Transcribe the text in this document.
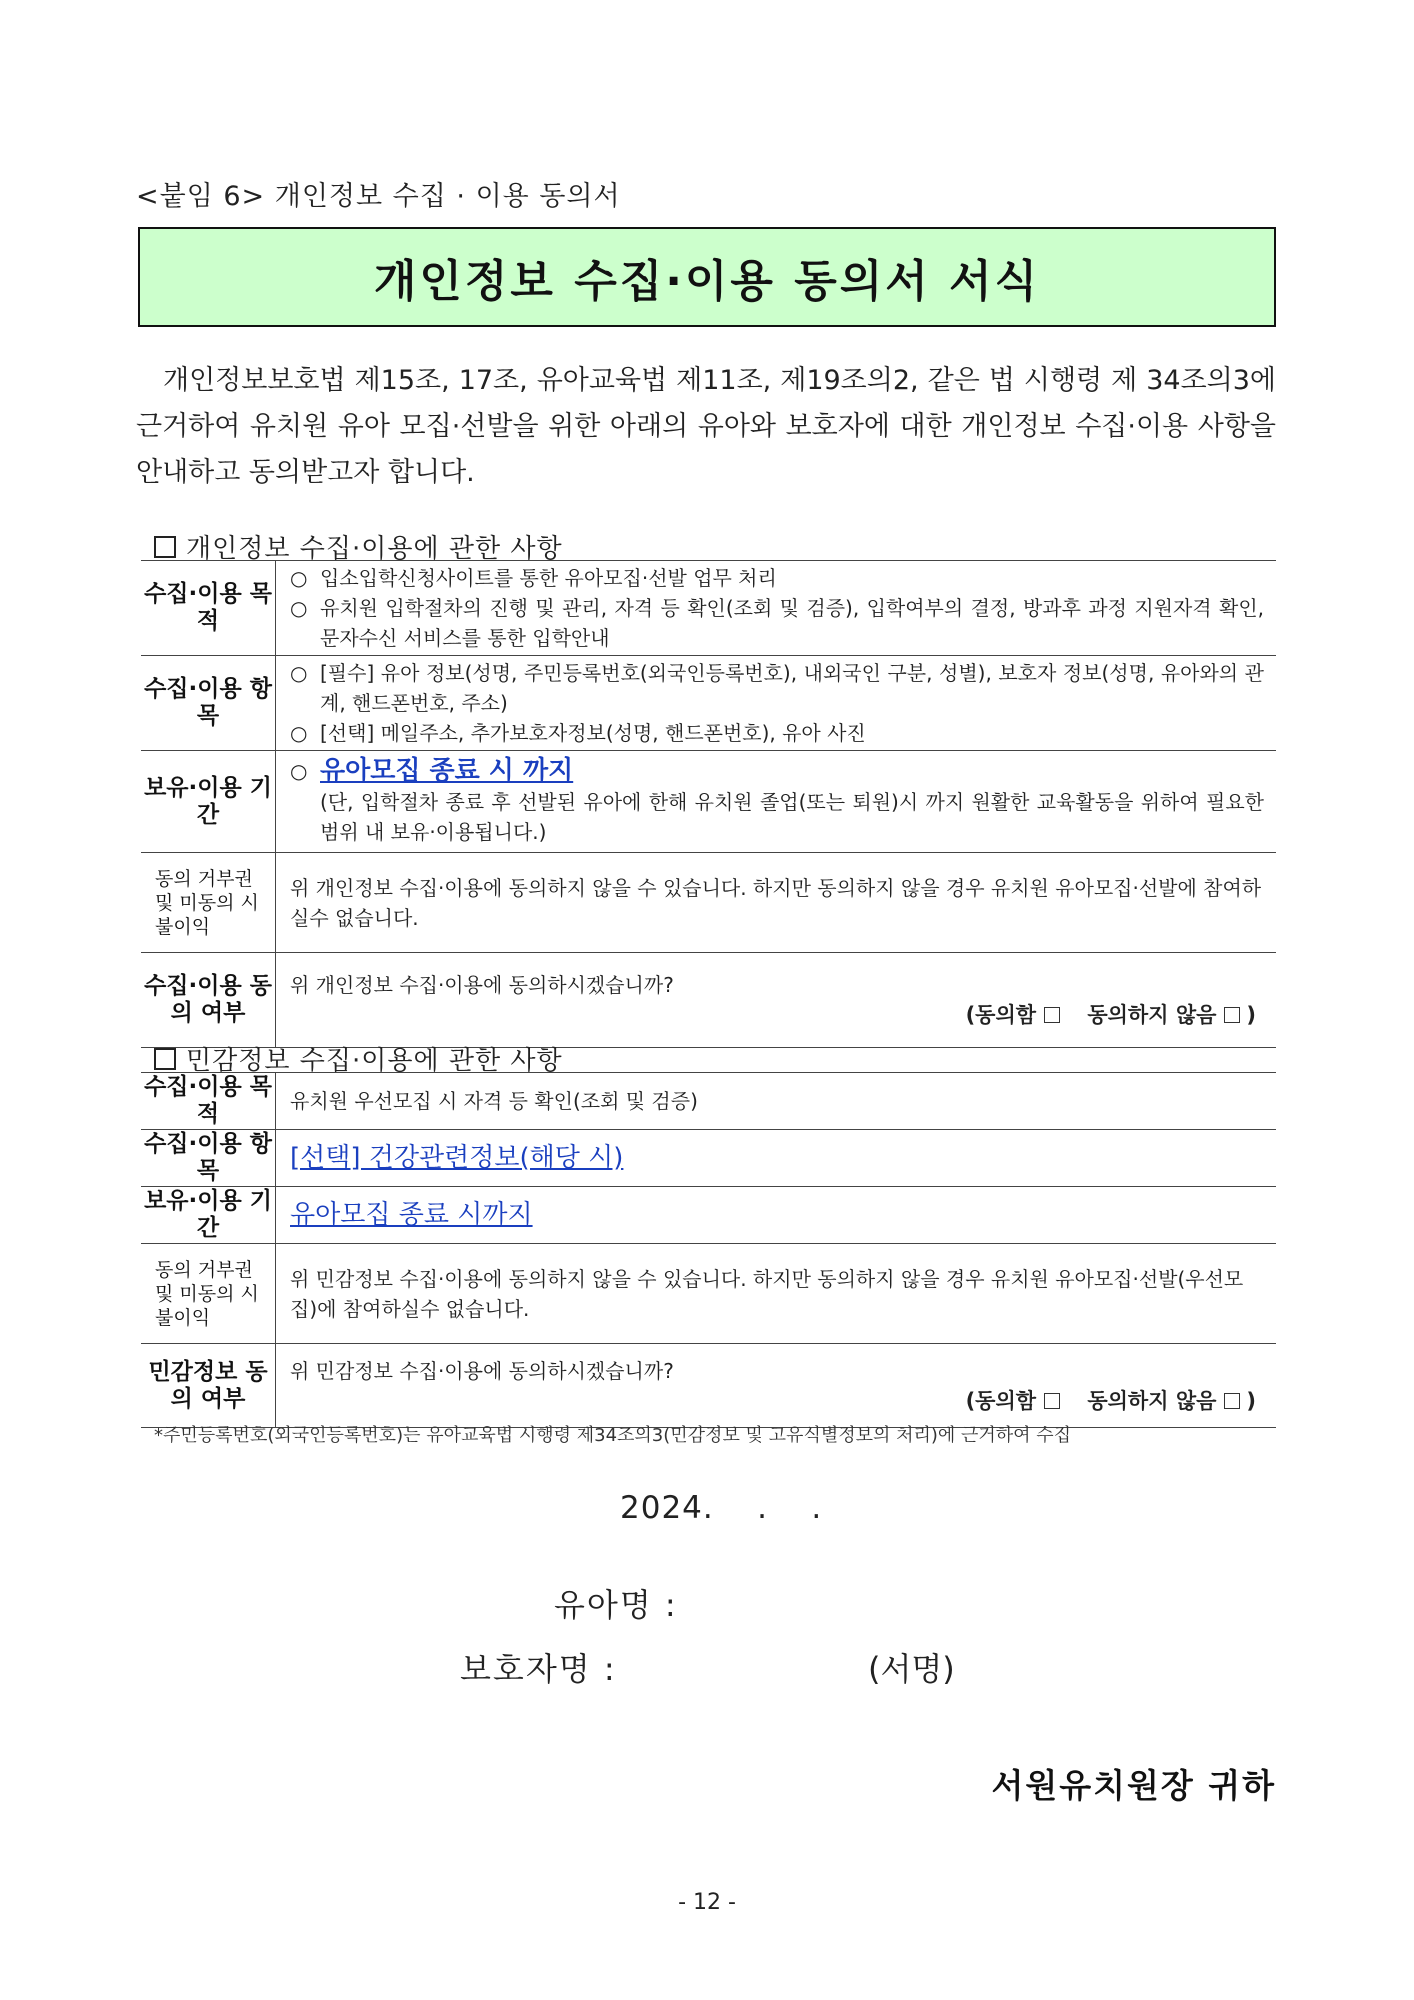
<붙임 6> 개인정보 수집 · 이용 동의서
개인정보 수집·이용 동의서 서식
개인정보보호법 제15조, 17조, 유아교육법 제11조, 제19조의2, 같은 법 시행령 제 34조의3에 근거하여 유치원 유아 모집·선발을 위한 아래의 유아와 보호자에 대한 개인정보 수집·이용 사항을 안내하고 동의받고자 합니다.
개인정보 수집·이용에 관한 사항
수집·이용 목적	○ 입소입학신청사이트를 통한 유아모집·선발 업무 처리
○ 유치원 입학절차의 진행 및 관리, 자격 등 확인(조회 및 검증), 입학여부의 결정, 방과후 과정 지원자격 확인, 문자수신 서비스를 통한 입학안내

수집·이용 항목	○ [필수] 유아 정보(성명, 주민등록번호(외국인등록번호), 내외국인 구분, 성별), 보호자 정보(성명, 유아와의 관계, 핸드폰번호, 주소)
○ [선택] 메일주소, 추가보호자정보(성명, 핸드폰번호), 유아 사진

보유·이용 기간	○ 유아모집 종료 시 까지
(단, 입학절차 종료 후 선발된 유아에 한해 유치원 졸업(또는 퇴원)시 까지 원활한 교육활동을 위하여 필요한 범위 내 보유·이용됩니다.)

동의 거부권 및 미동의 시 불이익	위 개인정보 수집·이용에 동의하지 않을 수 있습니다. 하지만 동의하지 않을 경우 유치원 유아모집·선발에 참여하실수 없습니다.
수집·이용 동의 여부	위 개인정보 수집·이용에 동의하시겠습니까?
(동의함 동의하지 않음 )
민감정보 수집·이용에 관한 사항
수집·이용 목적	유치원 우선모집 시 자격 등 확인(조회 및 검증)
수집·이용 항목	[선택] 건강관련정보(해당 시)
보유·이용 기간	유아모집 종료 시까지
동의 거부권 및 미동의 시 불이익	위 민감정보 수집·이용에 동의하지 않을 수 있습니다. 하지만 동의하지 않을 경우 유치원 유아모집·선발(우선모집)에 참여하실수 없습니다.
민감정보 동의 여부	위 민감정보 수집·이용에 동의하시겠습니까?
(동의함 동의하지 않음 )
*주민등록번호(외국인등록번호)는 유아교육법 시행령 제34조의3(민감정보 및 고유식별정보의 처리)에 근거하여 수집
2024.    .    .
유아명 :
보호자명 :	(서명)
서원유치원장 귀하
- 12 -
